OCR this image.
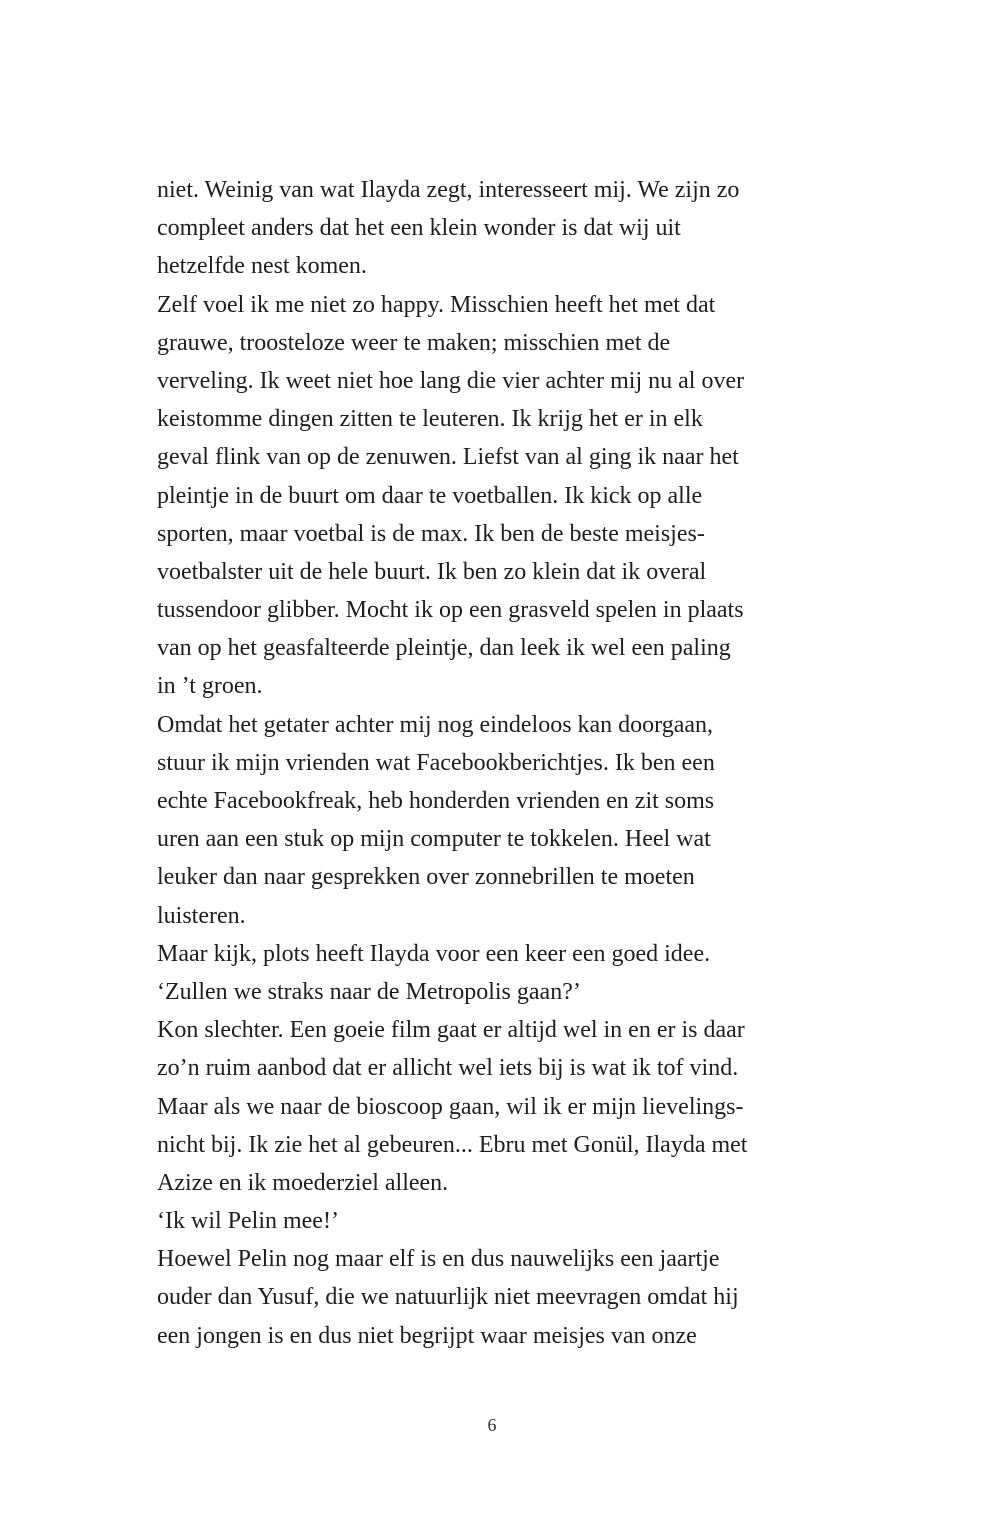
niet. Weinig van wat Ilayda zegt, interesseert mij. We zijn zo
compleet anders dat het een klein wonder is dat wij uit
hetzelfde nest komen.
Zelf voel ik me niet zo happy. Misschien heeft het met dat
grauwe, troosteloze weer te maken; misschien met de
verveling. Ik weet niet hoe lang die vier achter mij nu al over
keistomme dingen zitten te leuteren. Ik krijg het er in elk
geval flink van op de zenuwen. Liefst van al ging ik naar het
pleintje in de buurt om daar te voetballen. Ik kick op alle
sporten, maar voetbal is de max. Ik ben de beste meisjes-
voetbalster uit de hele buurt. Ik ben zo klein dat ik overal
tussendoor glibber. Mocht ik op een grasveld spelen in plaats
van op het geasfalteerde pleintje, dan leek ik wel een paling
in ’t groen.
Omdat het getater achter mij nog eindeloos kan doorgaan,
stuur ik mijn vrienden wat Facebookberichtjes. Ik ben een
echte Facebookfreak, heb honderden vrienden en zit soms
uren aan een stuk op mijn computer te tokkelen. Heel wat
leuker dan naar gesprekken over zonnebrillen te moeten
luisteren.
Maar kijk, plots heeft Ilayda voor een keer een goed idee.
‘Zullen we straks naar de Metropolis gaan?’
Kon slechter. Een goeie film gaat er altijd wel in en er is daar
zo’n ruim aanbod dat er allicht wel iets bij is wat ik tof vind.
Maar als we naar de bioscoop gaan, wil ik er mijn lievelings-
nicht bij. Ik zie het al gebeuren... Ebru met Gonül, Ilayda met
Azize en ik moederziel alleen.
‘Ik wil Pelin mee!’
Hoewel Pelin nog maar elf is en dus nauwelijks een jaartje
ouder dan Yusuf, die we natuurlijk niet meevragen omdat hij
een jongen is en dus niet begrijpt waar meisjes van onze
6
